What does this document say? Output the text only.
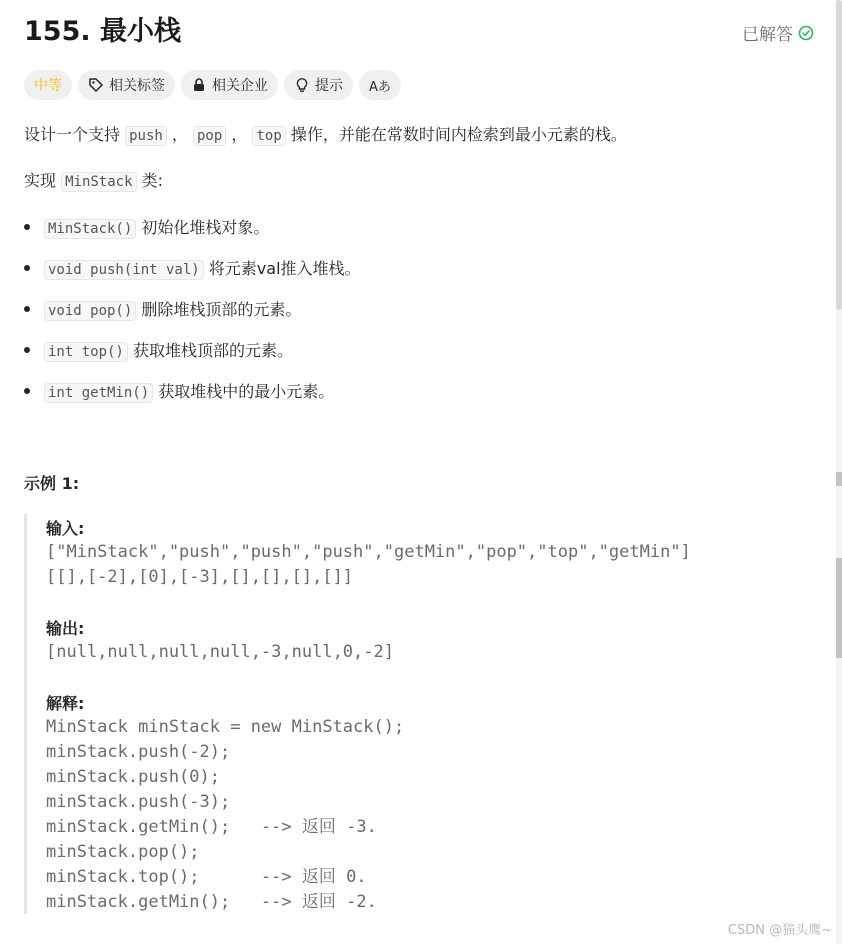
155. 最小栈	已解答
中等	相关标签	相关企业	提示 Aあ
设计一个支持 push ， pop ， top 操作，并能在常数时间内检索到最小元素的栈。
实现 MinStack 类:
MinStack() 初始化堆栈对象。
void push(int val) 将元素val推入堆栈。
void pop() 删除堆栈顶部的元素。
int top() 获取堆栈顶部的元素。
int getMin() 获取堆栈中的最小元素。
示例 1:
输入:
["MinStack","push","push","push","getMin","pop","top","getMin"]
[[],[-2],[0],[-3],[],[],[],[]]
输出:
[null,null,null,null,-3,null,0,-2]
解释:
MinStack minStack = new MinStack();
minStack.push(-2);
minStack.push(0);
minStack.push(-3);
minStack.getMin();   --> 返回 -3.
minStack.pop();
minStack.top();      --> 返回 0.
minStack.getMin();   --> 返回 -2.
CSDN @猫头鹰~
